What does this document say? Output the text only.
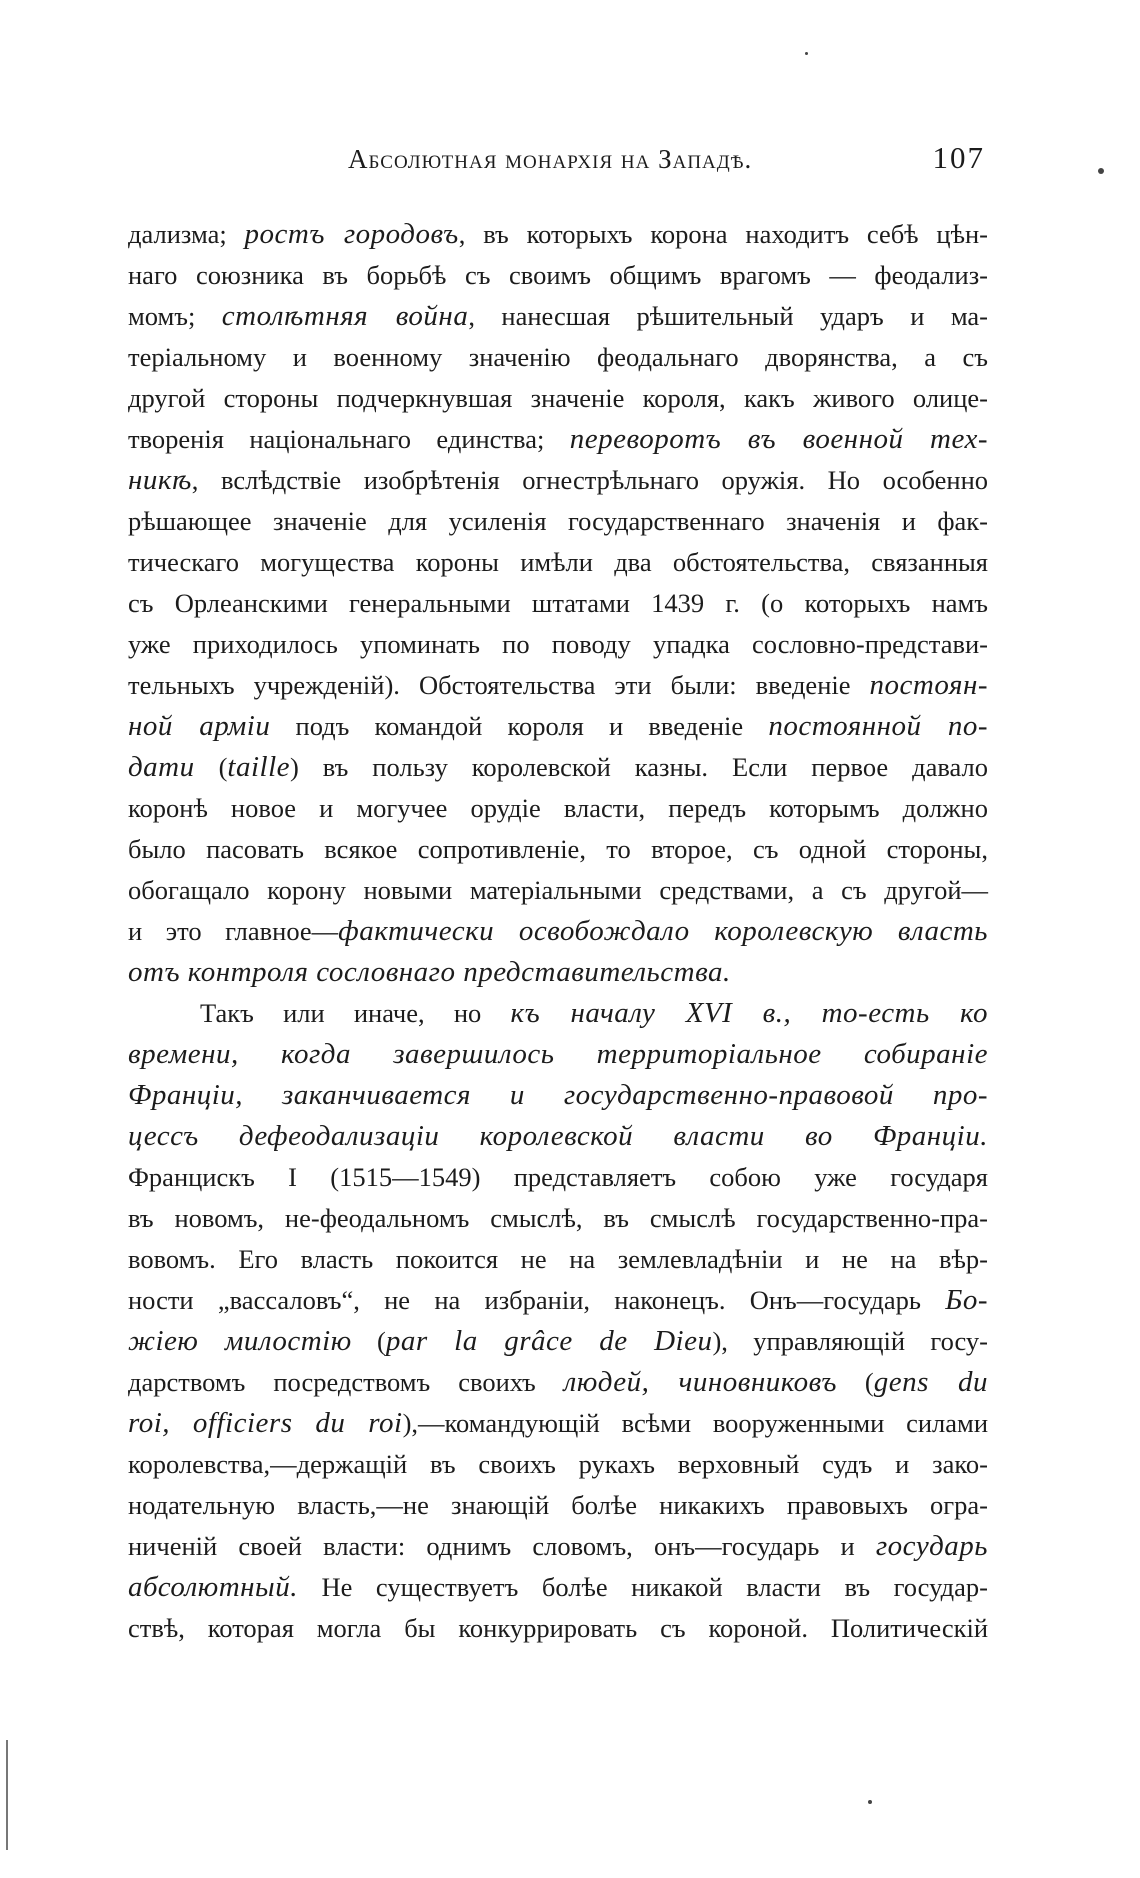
Абсолютная монархія на Западѣ.	107
дализма; ростъ городовъ, въ которыхъ корона находитъ себѣ цѣн-
наго союзника въ борьбѣ съ своимъ общимъ врагомъ — феодализ-
момъ; столѣтняя война, нанесшая рѣшительный ударъ и ма-
теріальному и военному значенію феодальнаго дворянства, а съ
другой стороны подчеркнувшая значеніе короля, какъ живого олице-
творенія національнаго единства; переворотъ въ военной тех-
никѣ, вслѣдствіе изобрѣтенія огнестрѣльнаго оружія. Но особенно
рѣшающее значеніе для усиленія государственнаго значенія и фак-
тическаго могущества короны имѣли два обстоятельства, связанныя
съ Орлеанскими генеральными штатами 1439 г. (о которыхъ намъ
уже приходилось упоминать по поводу упадка сословно-представи-
тельныхъ учрежденій). Обстоятельства эти были: введеніе постоян-
ной арміи подъ командой короля и введеніе постоянной по-
дати (taille) въ пользу королевской казны. Если первое давало
коронѣ новое и могучее орудіе власти, передъ которымъ должно
было пасовать всякое сопротивленіе, то второе, съ одной стороны,
обогащало корону новыми матеріальными средствами, а съ другой—
и это главное—фактически освобождало королевскую власть
отъ контроля сословнаго представительства.
Такъ или иначе, но къ началу XVI в., то-есть ко
времени, когда завершилось территоріальное собираніе
Франціи, заканчивается и государственно-правовой про-
цессъ дефеодализаціи королевской власти во Франціи.
Францискъ I (1515—1549) представляетъ собою уже государя
въ новомъ, не-феодальномъ смыслѣ, въ смыслѣ государственно-пра-
вовомъ. Его власть покоится не на землевладѣніи и не на вѣр-
ности „вассаловъ“, не на избраніи, наконецъ. Онъ—государь Бо-
жіею милостію (par la grâce de Dieu), управляющій госу-
дарствомъ посредствомъ своихъ людей, чиновниковъ (gens du
roi, officiers du roi),—командующій всѣми вооруженными силами
королевства,—держащій въ своихъ рукахъ верховный судъ и зако-
нодательную власть,—не знающій болѣе никакихъ правовыхъ огра-
ниченій своей власти: однимъ словомъ, онъ—государь и государь
абсолютный. Не существуетъ болѣе никакой власти въ государ-
ствѣ, которая могла бы конкуррировать съ короной. Политическій
